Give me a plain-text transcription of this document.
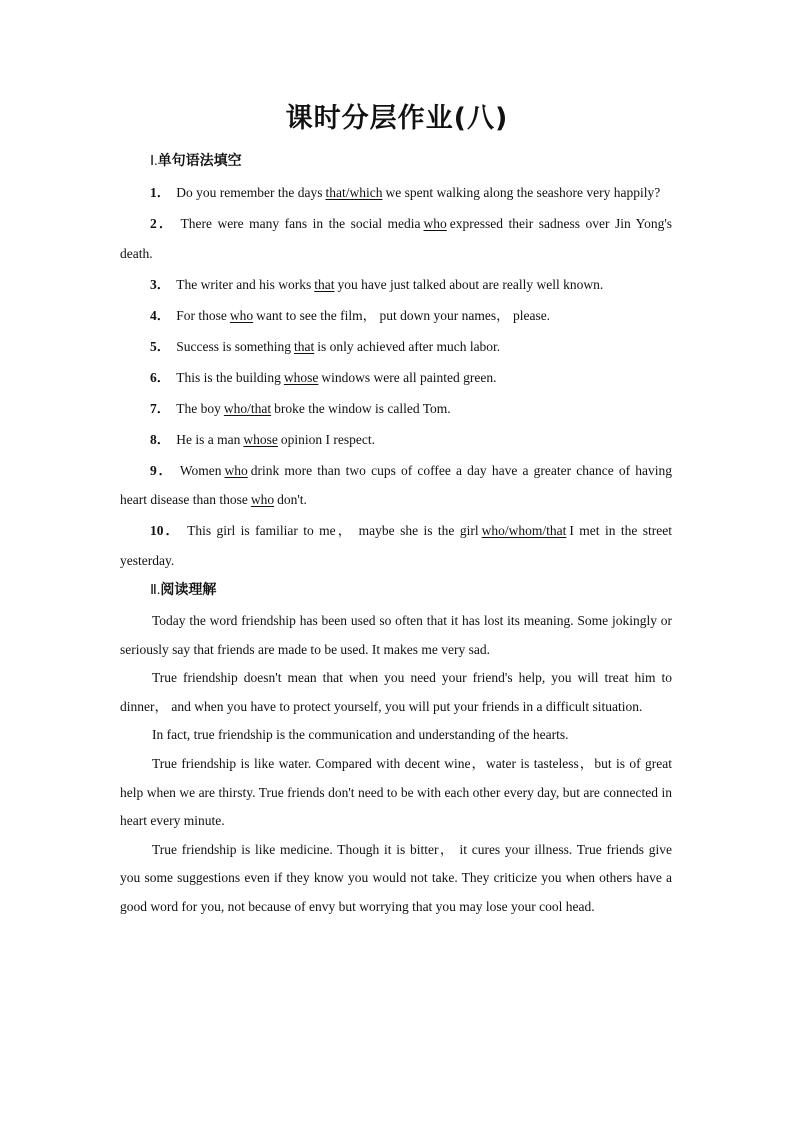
课时分层作业(八)
Ⅰ.单句语法填空

1． Do you remember the days that/which we spent walking along the seashore very happily?

2． There were many fans in the social media who expressed their sadness over Jin Yong's death.

3． The writer and his works that you have just talked about are really well known.

4． For those who want to see the film， put down your names， please.

5． Success is something that is only achieved after much labor.

6． This is the building whose windows were all painted green.

7． The boy who/that broke the window is called Tom.

8． He is a man whose opinion I respect.

9． Women who drink more than two cups of coffee a day have a greater chance of having heart disease than those who don't.

10． This girl is familiar to me， maybe she is the girl who/whom/that I met in the street yesterday.

Ⅱ.阅读理解

Today the word friendship has been used so often that it has lost its meaning. Some jokingly or seriously say that friends are made to be used. It makes me very sad.

True friendship doesn't mean that when you need your friend's help, you will treat him to dinner， and when you have to protect yourself, you will put your friends in a difficult situation.

In fact, true friendship is the communication and understanding of the hearts.

True friendship is like water. Compared with decent wine，water is tasteless，but is of great help when we are thirsty. True friends don't need to be with each other every day, but are connected in heart every minute.

True friendship is like medicine. Though it is bitter， it cures your illness. True friends give you some suggestions even if they know you would not take. They criticize you when others have a good word for you, not because of envy but worrying that you may lose your cool head.
